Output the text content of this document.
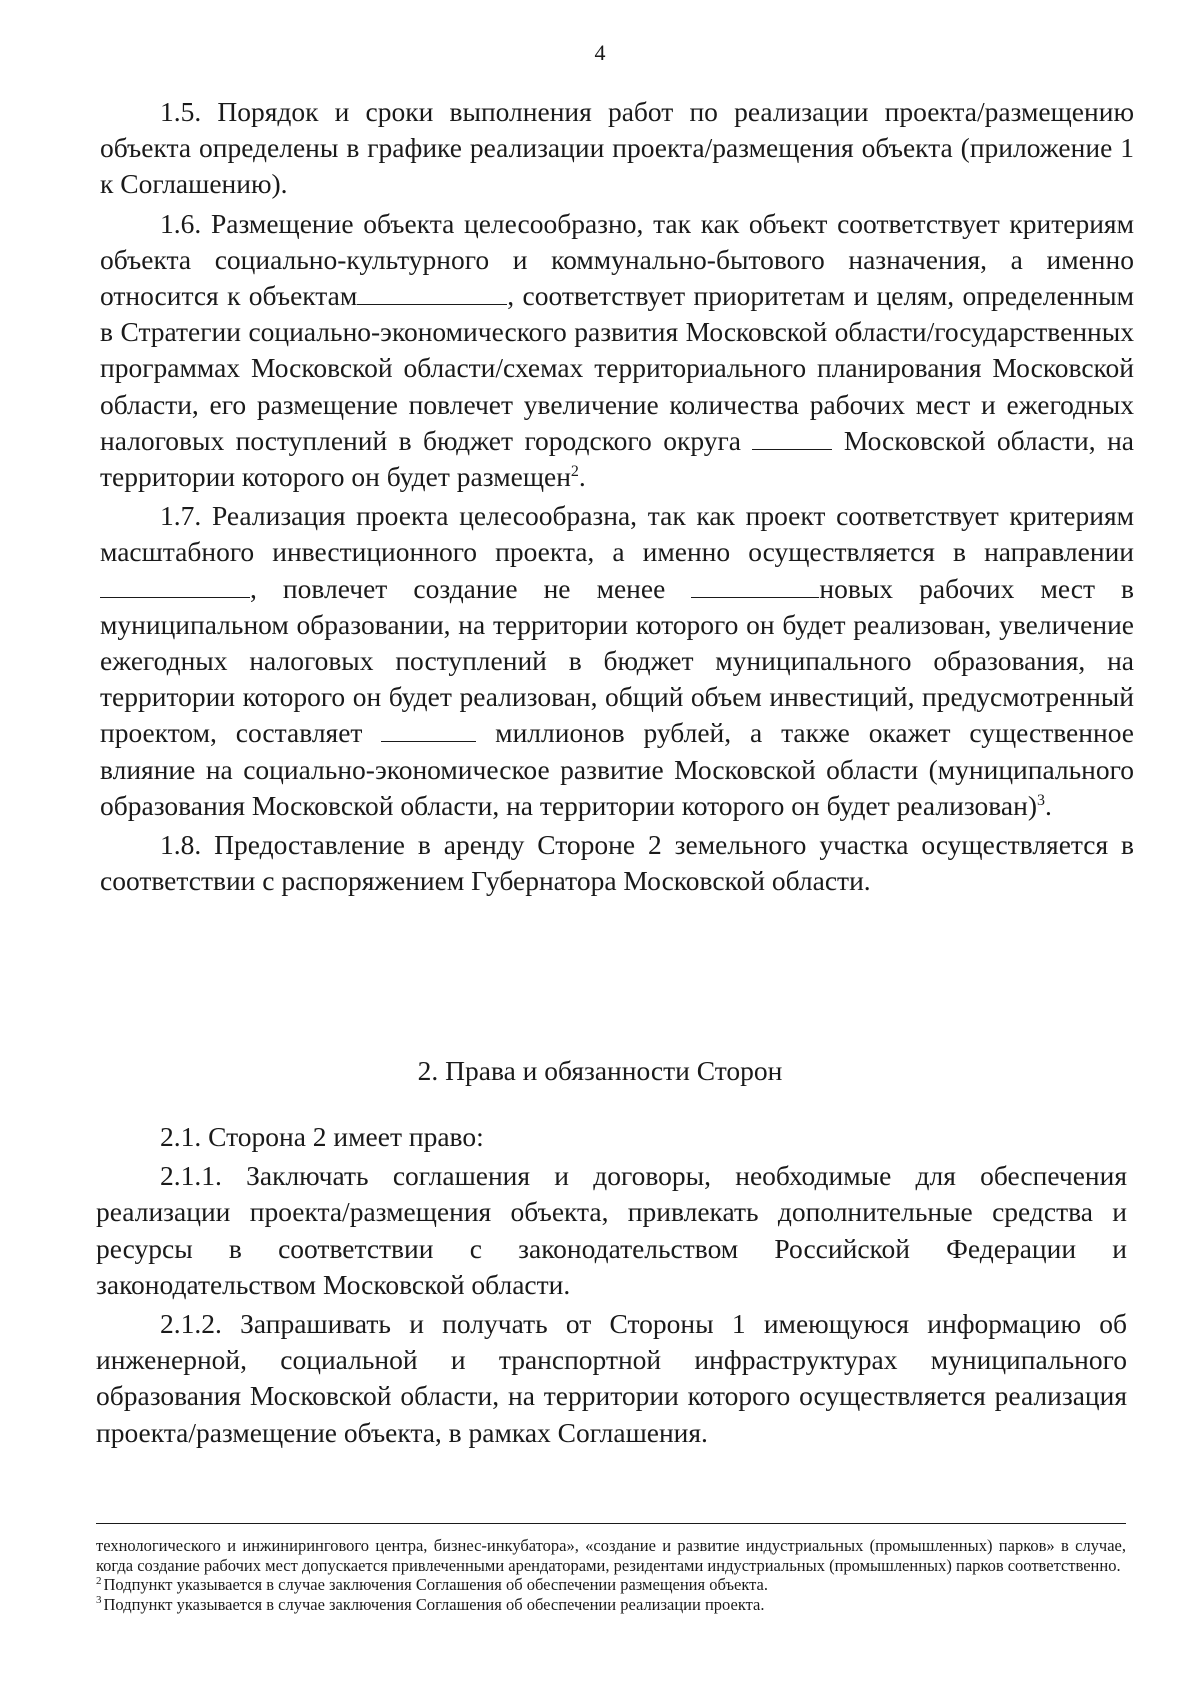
4

1.5. Порядок и сроки выполнения работ по реализации проекта/размещению объекта определены в графике реализации проекта/размещения объекта (приложение 1 к Соглашению).

1.6. Размещение объекта целесообразно, так как объект соответствует критериям объекта социально-культурного и коммунально-бытового назначения, а именно относится к объектам	, соответствует приоритетам и целям, определенным в Стратегии социально-экономического развития Московской области/государственных программах Московской области/схемах территориального планирования Московской области, его размещение повлечет увеличение количества рабочих мест и ежегодных налоговых поступлений в бюджет городского округа	Московской области, на территории которого он будет размещен$^2$.

1.7. Реализация проекта целесообразна, так как проект соответствует критериям масштабного инвестиционного проекта, а именно осуществляется в направлении, повлечет создание не менее	новых рабочих мест в муниципальном образовании, на территории которого он будет реализован, увеличение ежегодных налоговых поступлений в бюджет муниципального образования, на территории которого он будет реализован, общий объем инвестиций, предусмотренный проектом, составляет	миллионов рублей, а также окажет существенное влияние на социально-экономическое развитие Московской области (муниципального образования Московской области, на территории которого он будет реализован)$^3$.

1.8. Предоставление в аренду Стороне 2 земельного участка осуществляется в соответствии с распоряжением Губернатора Московской области.

2. Права и обязанности Сторон

2.1. Сторона 2 имеет право:

2.1.1. Заключать соглашения и договоры, необходимые для обеспечения реализации проекта/размещения объекта, привлекать дополнительные средства и ресурсы в соответствии с законодательством Российской Федерации и законодательством Московской области.

2.1.2. Запрашивать и получать от Стороны 1 имеющуюся информацию об инженерной, социальной и транспортной инфраструктурах муниципального образования Московской области, на территории которого осуществляется реализация проекта/размещение объекта, в рамках Соглашения.

технологического и инжинирингового центра, бизнес-инкубатора», «создание и развитие индустриальных (промышленных) парков» в случае, когда создание рабочих мест допускается привлеченными арендаторами, резидентами индустриальных (промышленных) парков соответственно.

$^2$ Подпункт указывается в случае заключения Соглашения об обеспечении размещения объекта.

$^3$ Подпункт указывается в случае заключения Соглашения об обеспечении реализации проекта.
